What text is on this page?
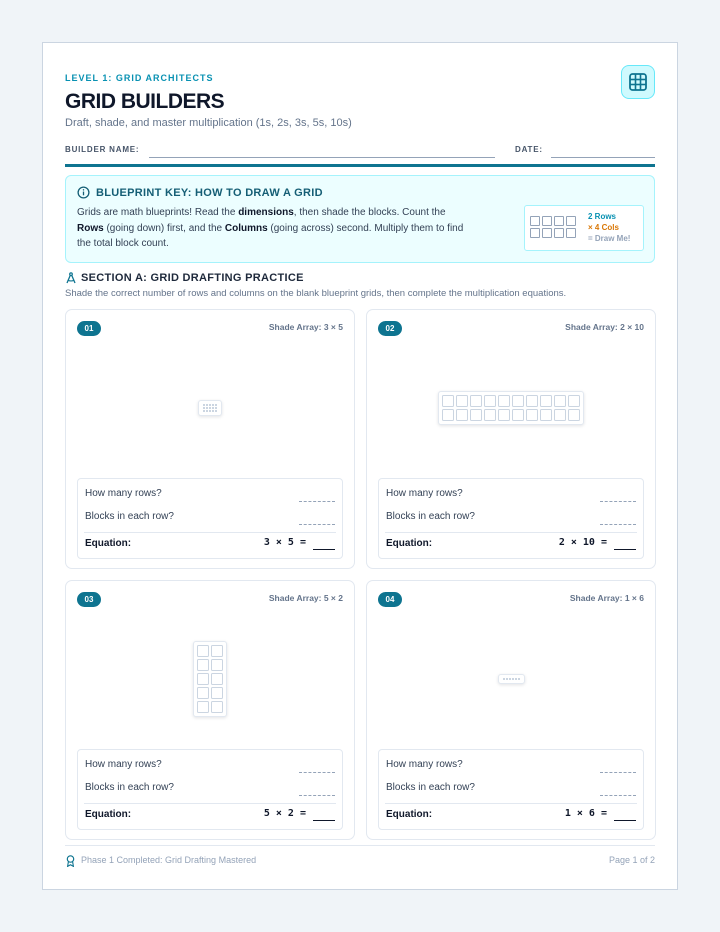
LEVEL 1: GRID ARCHITECTS
GRID BUILDERS
Draft, shade, and master multiplication (1s, 2s, 3s, 5s, 10s)
BUILDER NAME:	DATE:
BLUEPRINT KEY: HOW TO DRAW A GRID
Grids are math blueprints! Read the dimensions, then shade the blocks. Count the Rows (going down) first, and the Columns (going across) second. Multiply them to find the total block count.
2 Rows
× 4 Cols
= Draw Me!
SECTION A: GRID DRAFTING PRACTICE
Shade the correct number of rows and columns on the blank blueprint grids, then complete the multiplication equations.
01	Shade Array: 3 × 5
How many rows?
Blocks in each row?
Equation:	3 × 5 =
02	Shade Array: 2 × 10
How many rows?
Blocks in each row?
Equation:	2 × 10 =
03	Shade Array: 5 × 2
How many rows?
Blocks in each row?
Equation:	5 × 2 =
04	Shade Array: 1 × 6
How many rows?
Blocks in each row?
Equation:	1 × 6 =
Phase 1 Completed: Grid Drafting Mastered	Page 1 of 2
